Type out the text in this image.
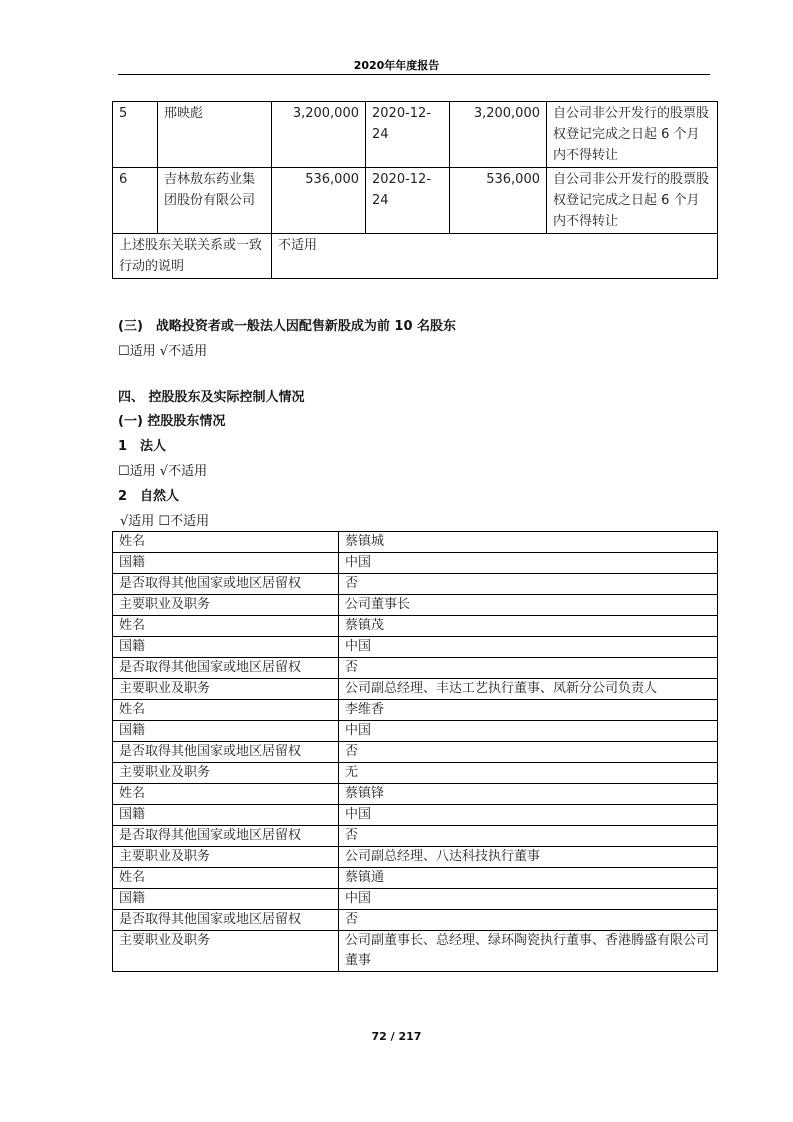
2020年年度报告
5	邢映彪	3,200,000	2020-12-24	3,200,000	自公司非公开发行的股票股权登记完成之日起 6 个月内不得转让
6	吉林敖东药业集团股份有限公司	536,000	2020-12-24	536,000	自公司非公开发行的股票股权登记完成之日起 6 个月内不得转让
上述股东关联关系或一致行动的说明		不适用			
(三)　战略投资者或一般法人因配售新股成为前 10 名股东
☐适用 √不适用
四、 控股股东及实际控制人情况
(一) 控股股东情况
1　法人
☐适用 √不适用
2　自然人
√适用 ☐不适用
姓名	蔡镇城
国籍	中国
是否取得其他国家或地区居留权	否
主要职业及职务	公司董事长
姓名	蔡镇茂
国籍	中国
是否取得其他国家或地区居留权	否
主要职业及职务	公司副总经理、丰达工艺执行董事、凤新分公司负责人
姓名	李维香
国籍	中国
是否取得其他国家或地区居留权	否
主要职业及职务	无
姓名	蔡镇锋
国籍	中国
是否取得其他国家或地区居留权	否
主要职业及职务	公司副总经理、八达科技执行董事
姓名	蔡镇通
国籍	中国
是否取得其他国家或地区居留权	否
主要职业及职务	公司副董事长、总经理、绿环陶瓷执行董事、香港腾盛有限公司董事
72 / 217
